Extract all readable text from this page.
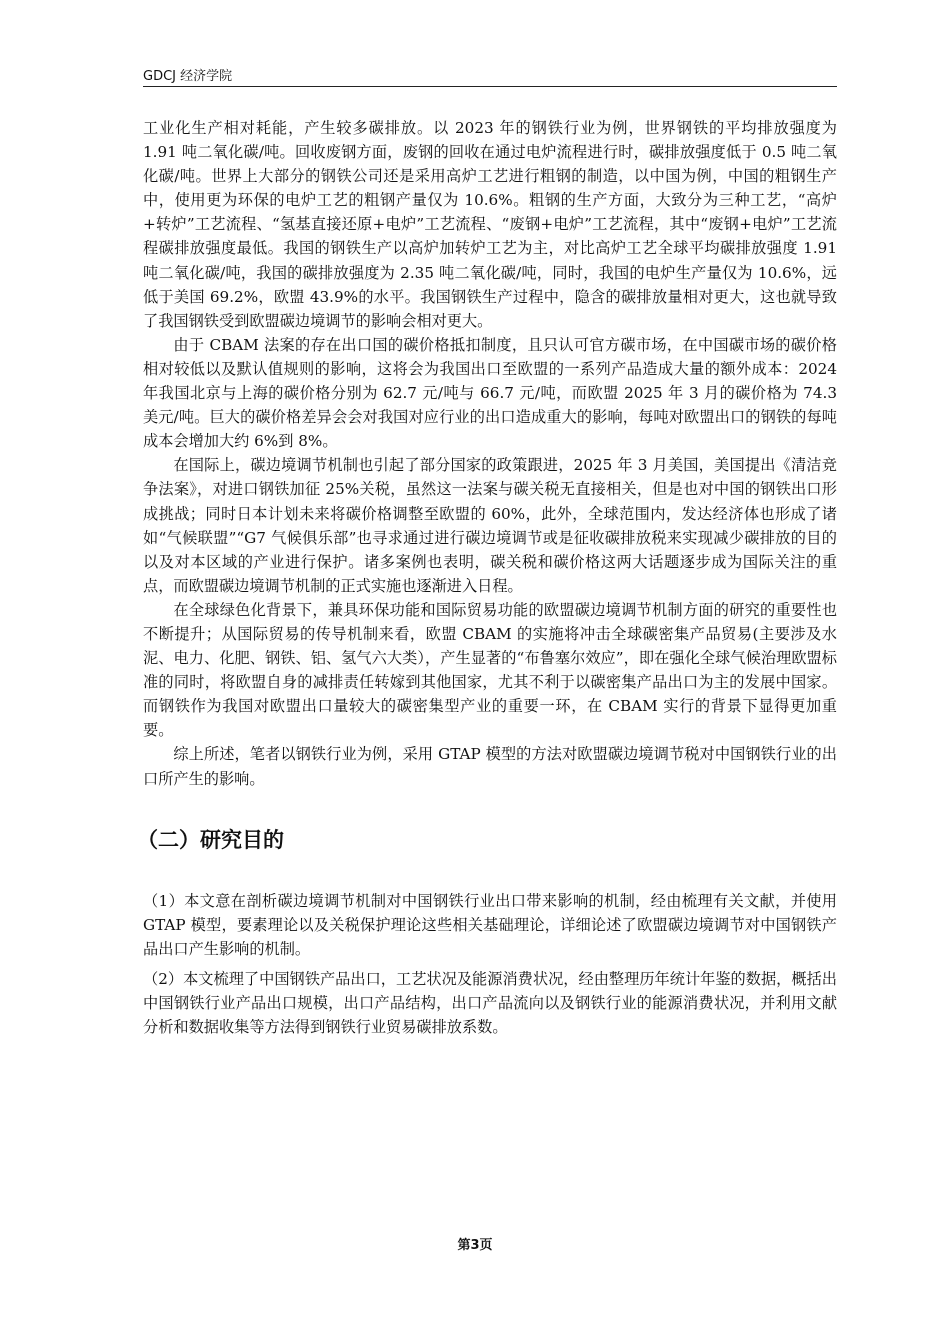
GDCJ 经济学院

工业化生产相对耗能，产生较多碳排放。以 2023 年的钢铁行业为例，世界钢铁的平均排放强度为 1.91 吨二氧化碳/吨。回收废钢方面，废钢的回收在通过电炉流程进行时，碳排放强度低于 0.5 吨二氧化碳/吨。世界上大部分的钢铁公司还是采用高炉工艺进行粗钢的制造，以中国为例，中国的粗钢生产中，使用更为环保的电炉工艺的粗钢产量仅为 10.6%。粗钢的生产方面，大致分为三种工艺，“高炉+转炉”工艺流程、“氢基直接还原+电炉”工艺流程、“废钢+电炉”工艺流程，其中“废钢+电炉”工艺流程碳排放强度最低。我国的钢铁生产以高炉加转炉工艺为主，对比高炉工艺全球平均碳排放强度 1.91 吨二氧化碳/吨，我国的碳排放强度为 2.35 吨二氧化碳/吨，同时，我国的电炉生产量仅为 10.6%，远低于美国 69.2%，欧盟 43.9%的水平。我国钢铁生产过程中，隐含的碳排放量相对更大，这也就导致了我国钢铁受到欧盟碳边境调节的影响会相对更大。

由于 CBAM 法案的存在出口国的碳价格抵扣制度，且只认可官方碳市场，在中国碳市场的碳价格相对较低以及默认值规则的影响，这将会为我国出口至欧盟的一系列产品造成大量的额外成本：2024 年我国北京与上海的碳价格分别为 62.7 元/吨与 66.7 元/吨，而欧盟 2025 年 3 月的碳价格为 74.3 美元/吨。巨大的碳价格差异会会对我国对应行业的出口造成重大的影响，每吨对欧盟出口的钢铁的每吨成本会增加大约 6%到 8%。

在国际上，碳边境调节机制也引起了部分国家的政策跟进，2025 年 3 月美国，美国提出《清洁竞争法案》，对进口钢铁加征 25%关税，虽然这一法案与碳关税无直接相关，但是也对中国的钢铁出口形成挑战；同时日本计划未来将碳价格调整至欧盟的 60%，此外，全球范围内，发达经济体也形成了诸如“气候联盟”“G7 气候俱乐部”也寻求通过进行碳边境调节或是征收碳排放税来实现减少碳排放的目的以及对本区域的产业进行保护。诸多案例也表明，碳关税和碳价格这两大话题逐步成为国际关注的重点，而欧盟碳边境调节机制的正式实施也逐渐进入日程。

在全球绿色化背景下，兼具环保功能和国际贸易功能的欧盟碳边境调节机制方面的研究的重要性也不断提升；从国际贸易的传导机制来看，欧盟 CBAM 的实施将冲击全球碳密集产品贸易(主要涉及水泥、电力、化肥、钢铁、铝、氢气六大类），产生显著的“布鲁塞尔效应”，即在强化全球气候治理欧盟标准的同时，将欧盟自身的减排责任转嫁到其他国家，尤其不利于以碳密集产品出口为主的发展中国家。而钢铁作为我国对欧盟出口量较大的碳密集型产业的重要一环，在 CBAM 实行的背景下显得更加重要。

综上所述，笔者以钢铁行业为例，采用 GTAP 模型的方法对欧盟碳边境调节税对中国钢铁行业的出口所产生的影响。

（二）研究目的

（1）本文意在剖析碳边境调节机制对中国钢铁行业出口带来影响的机制，经由梳理有关文献，并使用 GTAP 模型，要素理论以及关税保护理论这些相关基础理论，详细论述了欧盟碳边境调节对中国钢铁产品出口产生影响的机制。

（2）本文梳理了中国钢铁产品出口，工艺状况及能源消费状况，经由整理历年统计年鉴的数据，概括出中国钢铁行业产品出口规模，出口产品结构，出口产品流向以及钢铁行业的能源消费状况，并利用文献分析和数据收集等方法得到钢铁行业贸易碳排放系数。

第3页
